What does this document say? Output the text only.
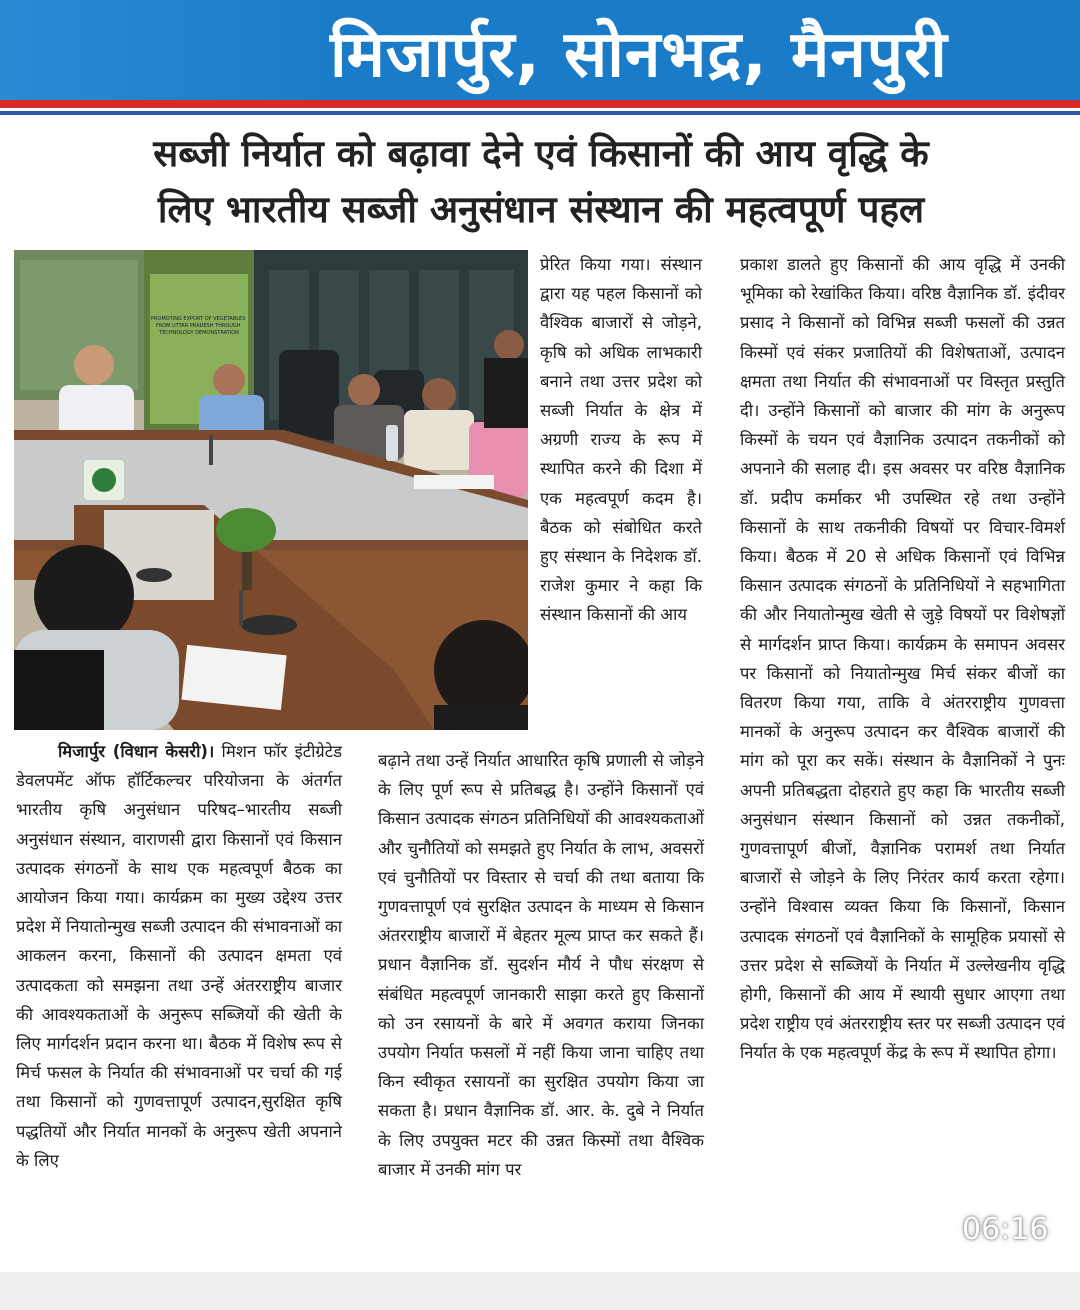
मिजार्पुर, सोनभद्र, मैनपुरी
सब्जी निर्यात को बढ़ावा देने एवं किसानों की आय वृद्धि के
लिए भारतीय सब्जी अनुसंधान संस्थान की महत्वपूर्ण पहल
PROMOTING EXPORT OF VEGETABLES FROM UTTAR PRADESH THROUGH TECHNOLOGY DEMONSTRATION

मिजार्पुर (विधान केसरी)। मिशन फॉर इंटीग्रेटेड डेवलपमेंट ऑफ हॉर्टिकल्चर परियोजना के अंतर्गत भारतीय कृषि अनुसंधान परिषद–भारतीय सब्जी अनुसंधान संस्थान, वाराणसी द्वारा किसानों एवं किसान उत्पादक संगठनों के साथ एक महत्वपूर्ण बैठक का आयोजन किया गया। कार्यक्रम का मुख्य उद्देश्य उत्तर प्रदेश में नियातोन्मुख सब्जी उत्पादन की संभावनाओं का आकलन करना, किसानों की उत्पादन क्षमता एवं उत्पादकता को समझना तथा उन्हें अंतरराष्ट्रीय बाजार की आवश्यकताओं के अनुरूप सब्जियों की खेती के लिए मार्गदर्शन प्रदान करना था। बैठक में विशेष रूप से मिर्च फसल के निर्यात की संभावनाओं पर चर्चा की गई तथा किसानों को गुणवत्तापूर्ण उत्पादन,सुरक्षित कृषि पद्धतियों और निर्यात मानकों के अनुरूप खेती अपनाने के लिए

प्रेरित किया गया। संस्थान द्वारा यह पहल किसानों को वैश्विक बाजारों से जोड़ने, कृषि को अधिक लाभकारी बनाने तथा उत्तर प्रदेश को सब्जी निर्यात के क्षेत्र में अग्रणी राज्य के रूप में स्थापित करने की दिशा में एक महत्वपूर्ण कदम है। बैठक को संबोधित करते हुए संस्थान के निदेशक डॉ. राजेश कुमार ने कहा कि संस्थान किसानों की आय

बढ़ाने तथा उन्हें निर्यात आधारित कृषि प्रणाली से जोड़ने के लिए पूर्ण रूप से प्रतिबद्ध है। उन्होंने किसानों एवं किसान उत्पादक संगठन प्रतिनिधियों की आवश्यकताओं और चुनौतियों को समझते हुए निर्यात के लाभ, अवसरों एवं चुनौतियों पर विस्तार से चर्चा की तथा बताया कि गुणवत्तापूर्ण एवं सुरक्षित उत्पादन के माध्यम से किसान अंतरराष्ट्रीय बाजारों में बेहतर मूल्य प्राप्त कर सकते हैं। प्रधान वैज्ञानिक डॉ. सुदर्शन मौर्य ने पौध संरक्षण से संबंधित महत्वपूर्ण जानकारी साझा करते हुए किसानों को उन रसायनों के बारे में अवगत कराया जिनका उपयोग निर्यात फसलों में नहीं किया जाना चाहिए तथा किन स्वीकृत रसायनों का सुरक्षित उपयोग किया जा सकता है। प्रधान वैज्ञानिक डॉ. आर. के. दुबे ने निर्यात के लिए उपयुक्त मटर की उन्नत किस्मों तथा वैश्विक बाजार में उनकी मांग पर

प्रकाश डालते हुए किसानों की आय वृद्धि में उनकी भूमिका को रेखांकित किया। वरिष्ठ वैज्ञानिक डॉ. इंदीवर प्रसाद ने किसानों को विभिन्न सब्जी फसलों की उन्नत किस्मों एवं संकर प्रजातियों की विशेषताओं, उत्पादन क्षमता तथा निर्यात की संभावनाओं पर विस्तृत प्रस्तुति दी। उन्होंने किसानों को बाजार की मांग के अनुरूप किस्मों के चयन एवं वैज्ञानिक उत्पादन तकनीकों को अपनाने की सलाह दी। इस अवसर पर वरिष्ठ वैज्ञानिक डॉ. प्रदीप कर्माकर भी उपस्थित रहे तथा उन्होंने किसानों के साथ तकनीकी विषयों पर विचार-विमर्श किया। बैठक में 20 से अधिक किसानों एवं विभिन्न किसान उत्पादक संगठनों के प्रतिनिधियों ने सहभागिता की और नियातोन्मुख खेती से जुड़े विषयों पर विशेषज्ञों से मार्गदर्शन प्राप्त किया। कार्यक्रम के समापन अवसर पर किसानों को नियातोन्मुख मिर्च संकर बीजों का वितरण किया गया, ताकि वे अंतरराष्ट्रीय गुणवत्ता मानकों के अनुरूप उत्पादन कर वैश्विक बाजारों की मांग को पूरा कर सकें। संस्थान के वैज्ञानिकों ने पुनः अपनी प्रतिबद्धता दोहराते हुए कहा कि भारतीय सब्जी अनुसंधान संस्थान किसानों को उन्नत तकनीकों, गुणवत्तापूर्ण बीजों, वैज्ञानिक परामर्श तथा निर्यात बाजारों से जोड़ने के लिए निरंतर कार्य करता रहेगा। उन्होंने विश्वास व्यक्त किया कि किसानों, किसान उत्पादक संगठनों एवं वैज्ञानिकों के सामूहिक प्रयासों से उत्तर प्रदेश से सब्जियों के निर्यात में उल्लेखनीय वृद्धि होगी, किसानों की आय में स्थायी सुधार आएगा तथा प्रदेश राष्ट्रीय एवं अंतरराष्ट्रीय स्तर पर सब्जी उत्पादन एवं निर्यात के एक महत्वपूर्ण केंद्र के रूप में स्थापित होगा।

06:16
